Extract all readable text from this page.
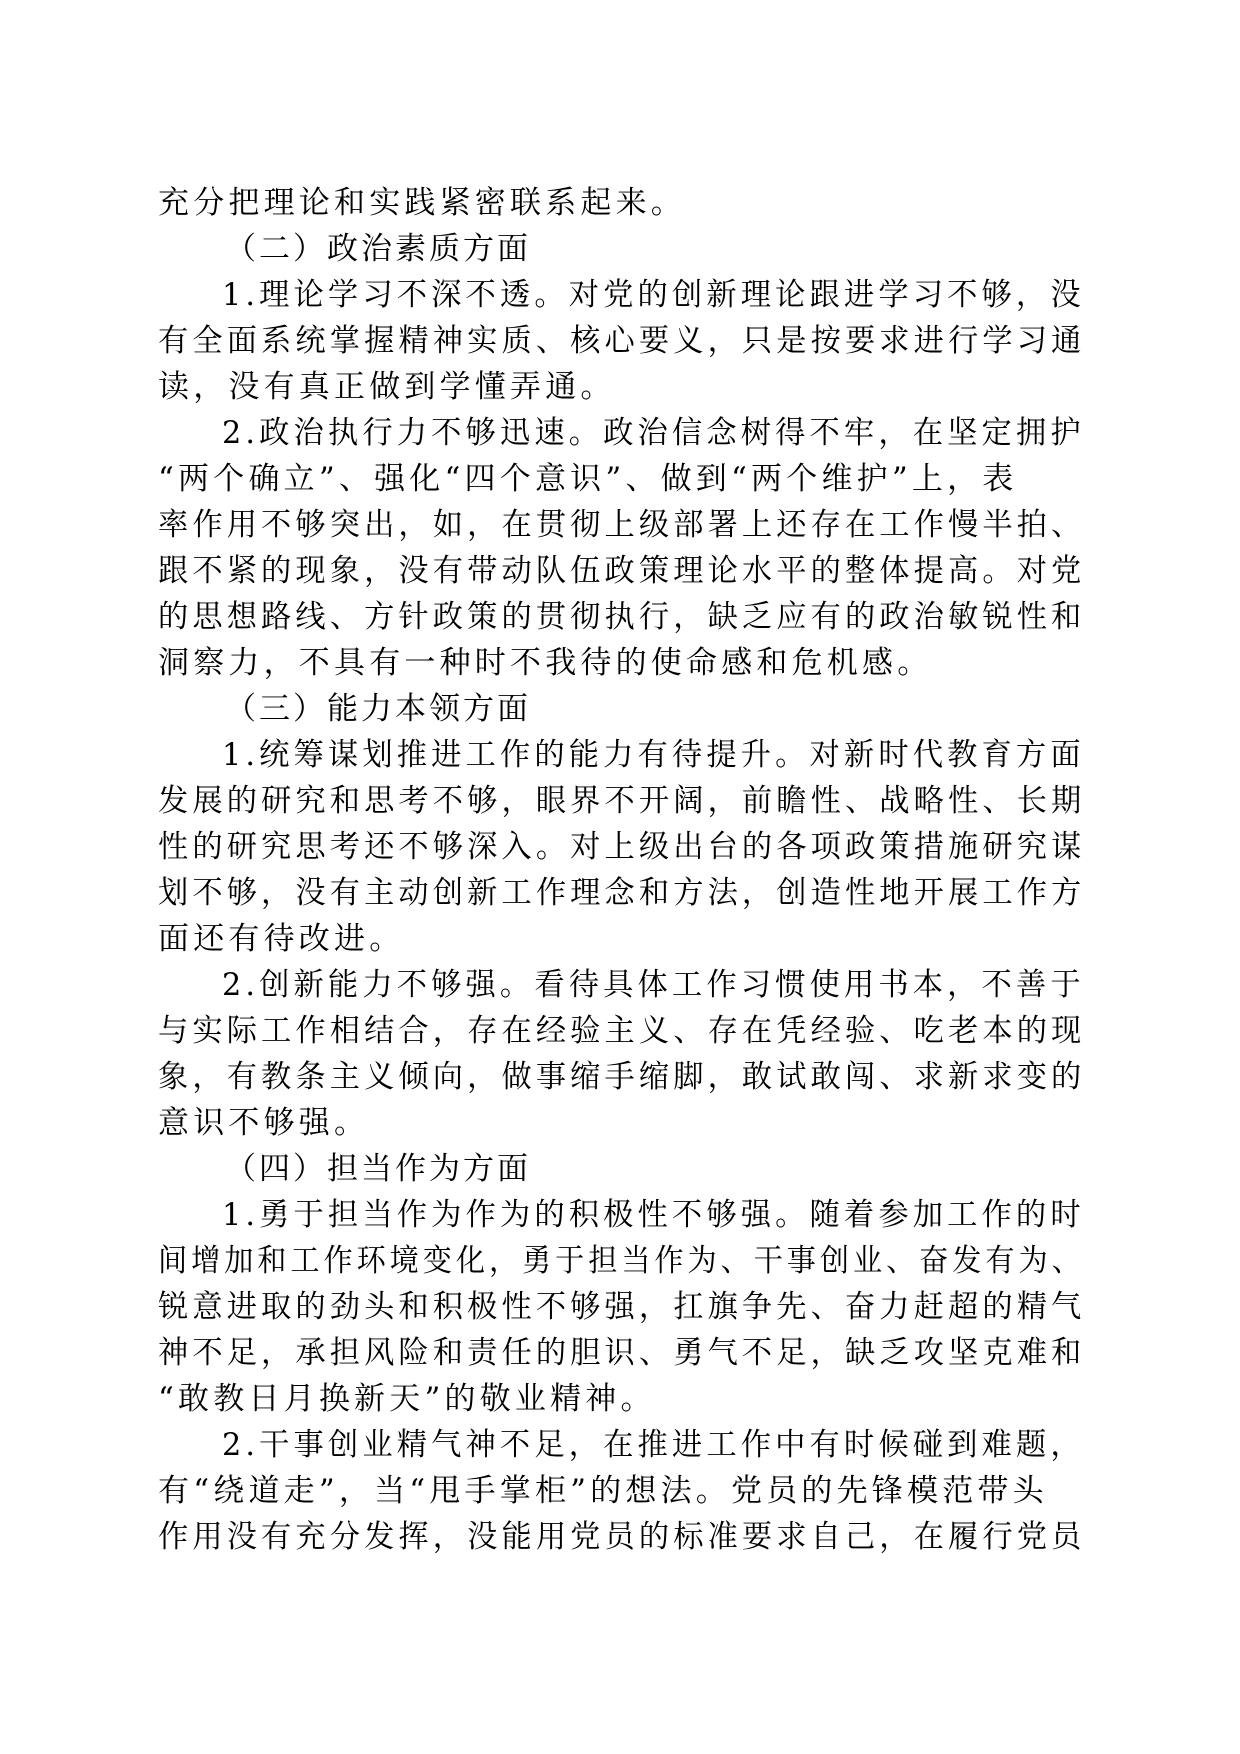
充分把理论和实践紧密联系起来。
（二）政治素质方面
1.理论学习不深不透。对党的创新理论跟进学习不够，没
有全面系统掌握精神实质、核心要义，只是按要求进行学习通
读，没有真正做到学懂弄通。
2.政治执行力不够迅速。政治信念树得不牢，在坚定拥护
“两个确立”、强化“四个意识”、做到“两个维护”上，表
率作用不够突出，如，在贯彻上级部署上还存在工作慢半拍、
跟不紧的现象，没有带动队伍政策理论水平的整体提高。对党
的思想路线、方针政策的贯彻执行，缺乏应有的政治敏锐性和
洞察力，不具有一种时不我待的使命感和危机感。
（三）能力本领方面
1.统筹谋划推进工作的能力有待提升。对新时代教育方面
发展的研究和思考不够，眼界不开阔，前瞻性、战略性、长期
性的研究思考还不够深入。对上级出台的各项政策措施研究谋
划不够，没有主动创新工作理念和方法，创造性地开展工作方
面还有待改进。
2.创新能力不够强。看待具体工作习惯使用书本，不善于
与实际工作相结合，存在经验主义、存在凭经验、吃老本的现
象，有教条主义倾向，做事缩手缩脚，敢试敢闯、求新求变的
意识不够强。
（四）担当作为方面
1.勇于担当作为作为的积极性不够强。随着参加工作的时
间增加和工作环境变化，勇于担当作为、干事创业、奋发有为、
锐意进取的劲头和积极性不够强，扛旗争先、奋力赶超的精气
神不足，承担风险和责任的胆识、勇气不足，缺乏攻坚克难和
“敢教日月换新天”的敬业精神。
2.干事创业精气神不足，在推进工作中有时候碰到难题，
有“绕道走”，当“甩手掌柜”的想法。党员的先锋模范带头
作用没有充分发挥，没能用党员的标准要求自己，在履行党员
